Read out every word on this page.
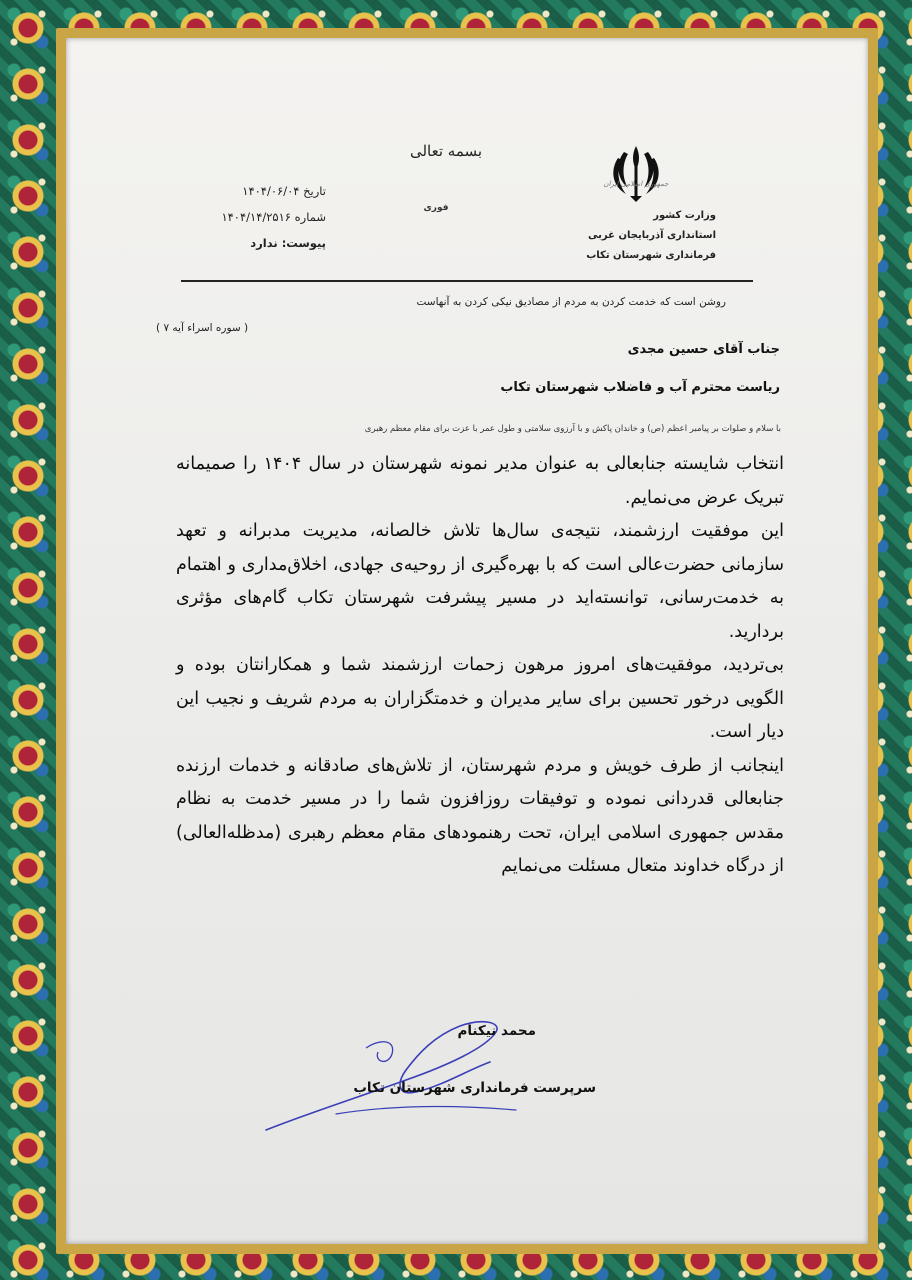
جمهوری اسلامی ایران
وزارت کشور
استانداری آذربایجان غربی
فرمانداری شهرستان تکاب
بسمه تعالی
تاریخ ۱۴۰۴/۰۶/۰۴
شماره ۱۴۰۴/۱۴/۲۵۱۶
پیوست: ندارد
فوری
روشن است که خدمت کردن به مردم از مصادیق نیکی کردن به آنهاست
( سوره اسراء آیه ۷ )
جناب آقای حسین مجدی
ریاست محترم آب و فاضلاب شهرستان تکاب
با سلام و صلوات بر پیامبر اعظم (ص) و خاندان پاکش و با آرزوی سلامتی و طول عمر با عزت برای مقام معظم رهبری

انتخاب شایسته جنابعالی به عنوان مدیر نمونه شهرستان در سال ۱۴۰۴ را صمیمانه تبریک عرض می‌نمایم.

این موفقیت ارزشمند، نتیجه‌ی سال‌ها تلاش خالصانه، مدیریت مدبرانه و تعهد سازمانی حضرت‌عالی است که با بهره‌گیری از روحیه‌ی جهادی، اخلاق‌مداری و اهتمام به خدمت‌رسانی، توانسته‌اید در مسیر پیشرفت شهرستان تکاب گام‌های مؤثری بردارید.

بی‌تردید، موفقیت‌های امروز مرهون زحمات ارزشمند شما و همکارانتان بوده و الگویی درخور تحسین برای سایر مدیران و خدمتگزاران به مردم شریف و نجیب این دیار است.

اینجانب از طرف خویش و مردم شهرستان، از تلاش‌های صادقانه و خدمات ارزنده جنابعالی قدردانی نموده و توفیقات روزافزون شما را در مسیر خدمت به نظام مقدس جمهوری اسلامی ایران، تحت رهنمودهای مقام معظم رهبری (مدظله‌العالی) از درگاه خداوند متعال مسئلت می‌نمایم

محمد نیکنام
سرپرست فرمانداری شهرستان تکاب
